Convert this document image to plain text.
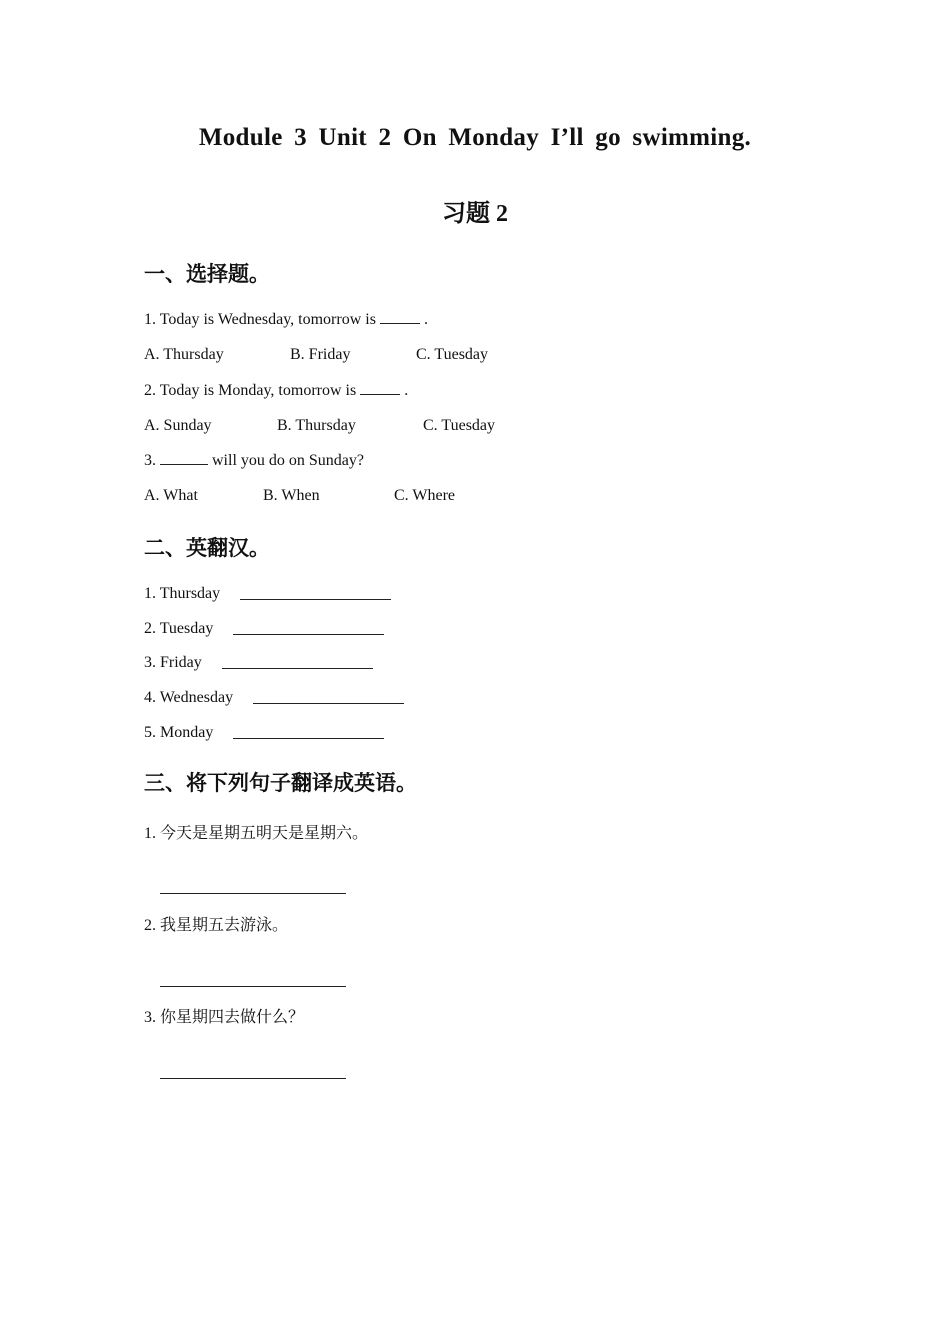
Module 3 Unit 2 On Monday I’ll go swimming.
习题 2
一、选择题。
1. Today is Wednesday, tomorrow is	.
A. Thursday	B. Friday	C. Tuesday
2. Today is Monday, tomorrow is	.
A. Sunday	B. Thursday	C. Tuesday
3.	will you do on Sunday?
A. What	B. When	C. Where
二、英翻汉。
1. Thursday
2. Tuesday
3. Friday
4. Wednesday
5. Monday
三、将下列句子翻译成英语。
1. 今天是星期五明天是星期六。
2. 我星期五去游泳。
3. 你星期四去做什么？
